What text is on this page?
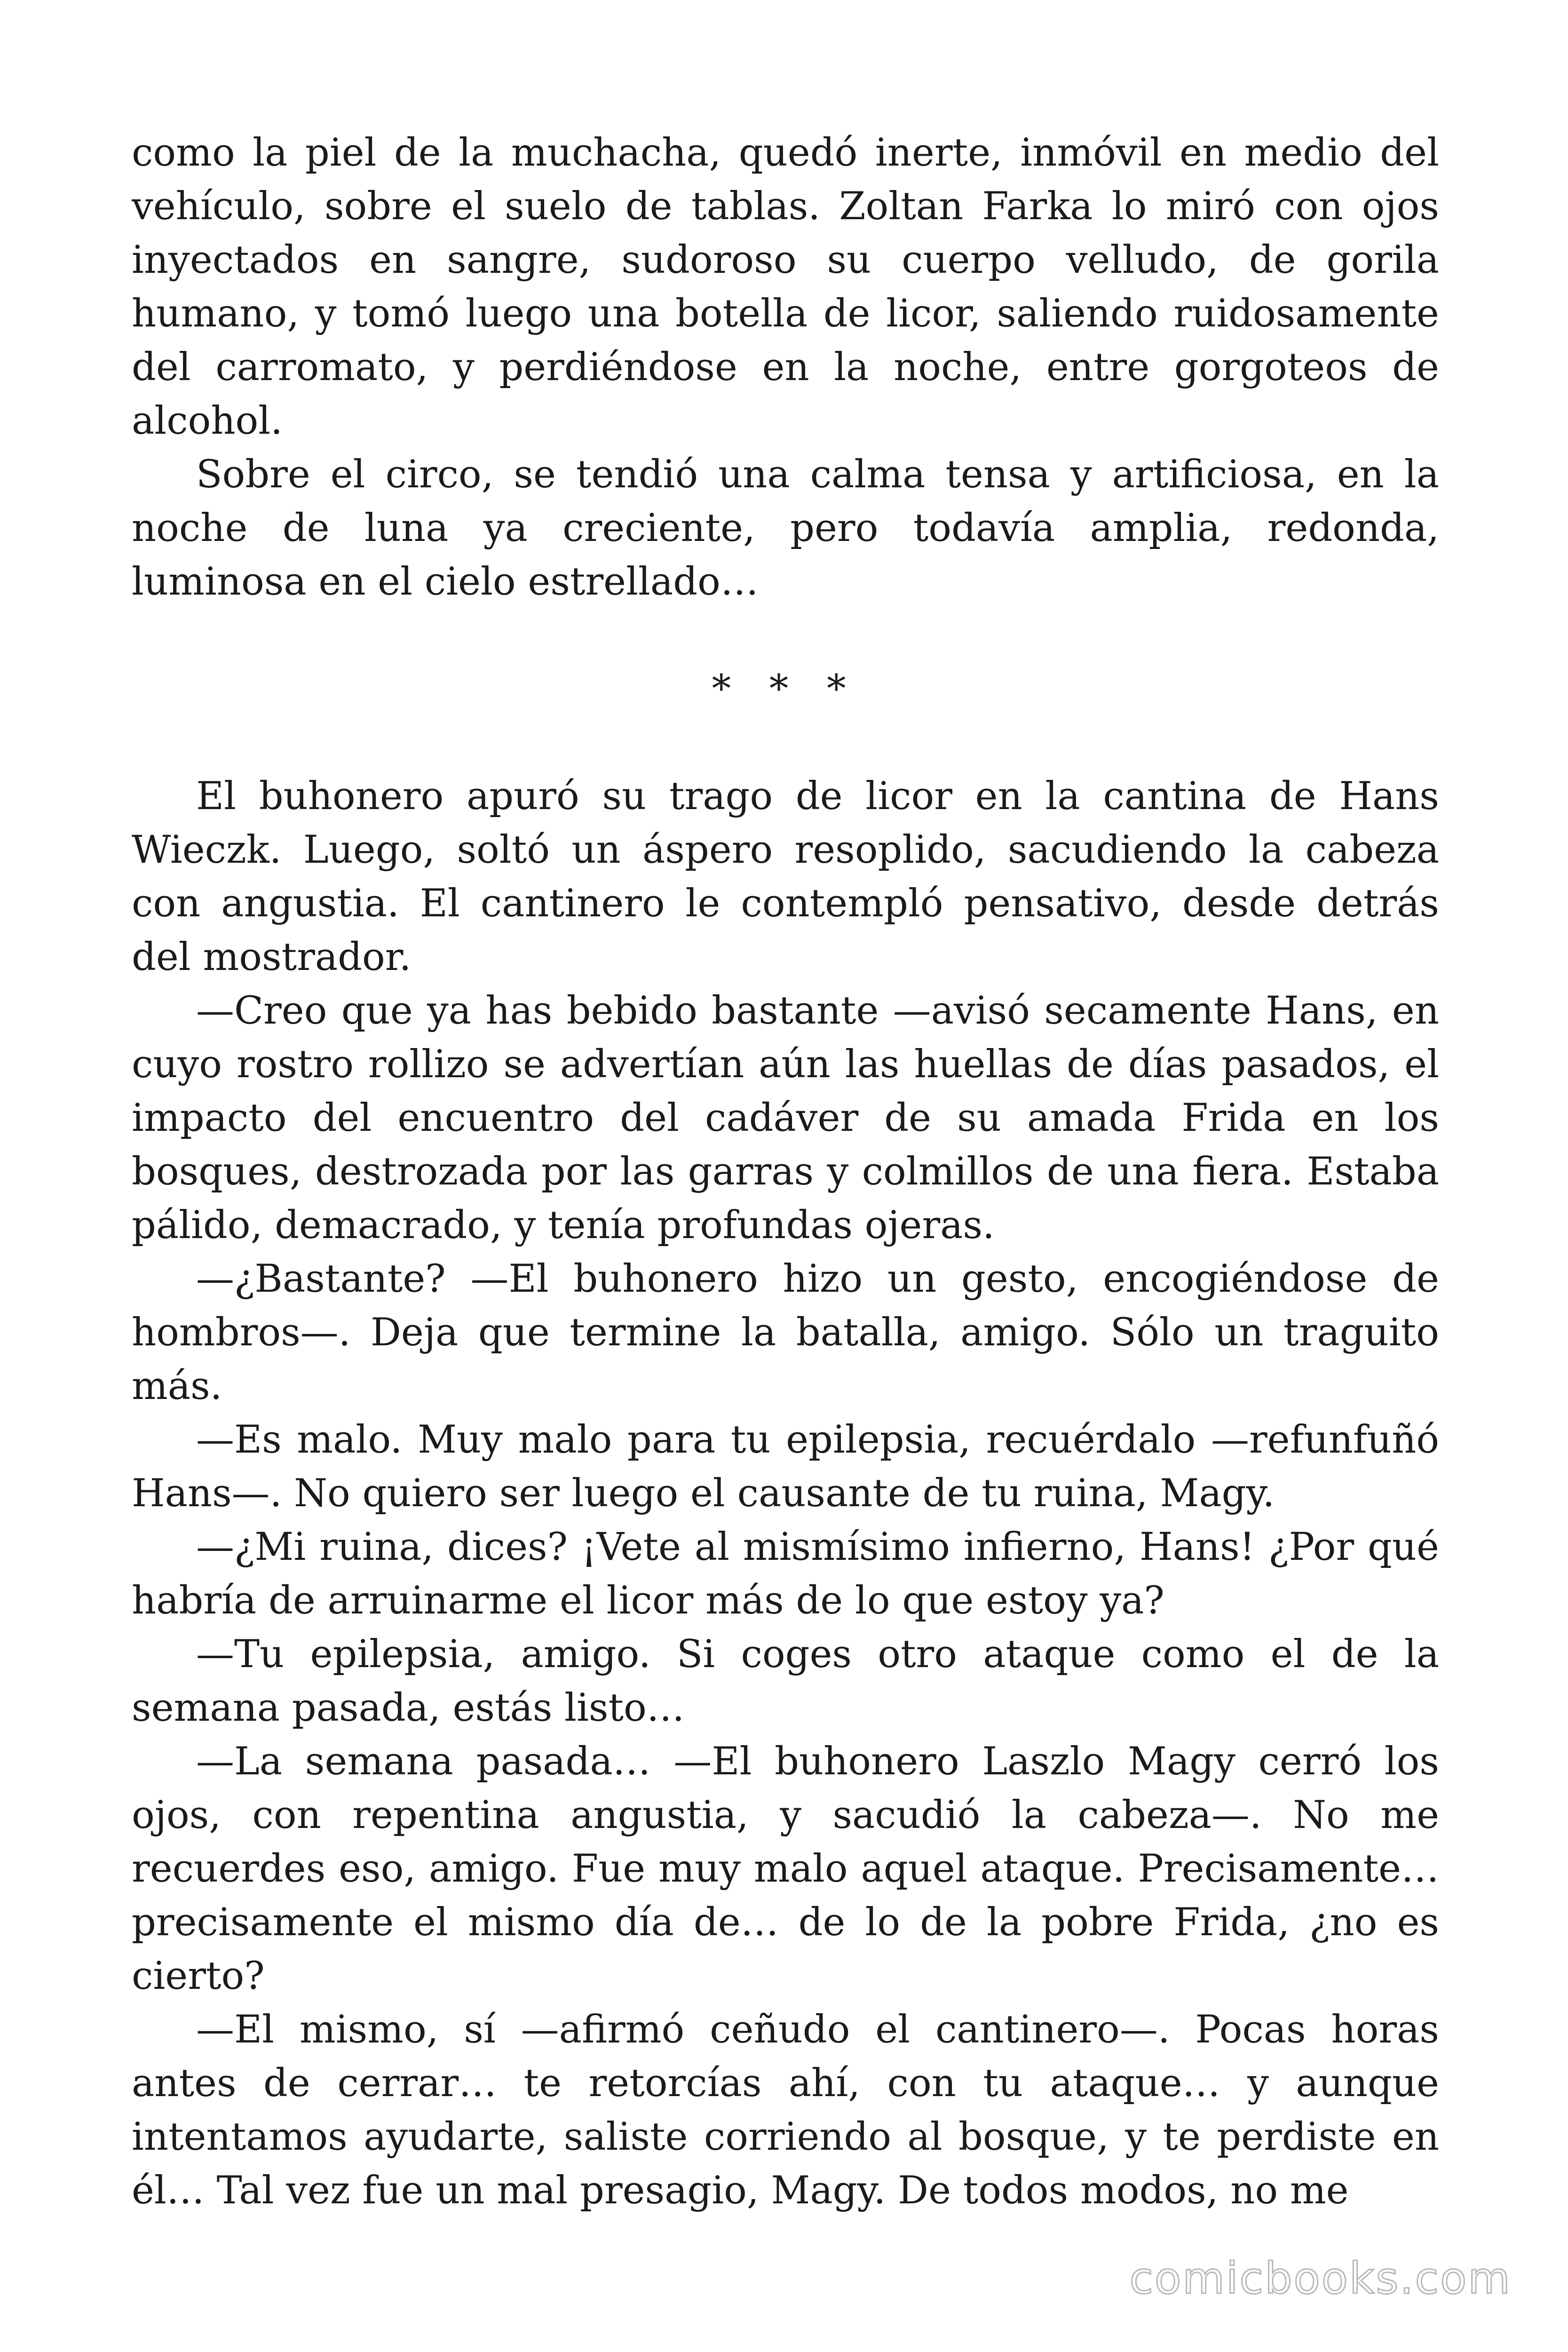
como la piel de la muchacha, quedó inerte, inmóvil en medio del vehículo, sobre el suelo de tablas. Zoltan Farka lo miró con ojos inyectados en sangre, sudoroso su cuerpo velludo, de gorila humano, y tomó luego una botella de licor, saliendo ruidosamente del carromato, y perdiéndose en la noche, entre gorgoteos de alcohol.

Sobre el circo, se tendió una calma tensa y artificiosa, en la noche de luna ya creciente, pero todavía amplia, redonda, luminosa en el cielo estrellado…

* * *

El buhonero apuró su trago de licor en la cantina de Hans Wieczk. Luego, soltó un áspero resoplido, sacudiendo la cabeza con angustia. El cantinero le contempló pensativo, desde detrás del mostrador.

—Creo que ya has bebido bastante —avisó secamente Hans, en cuyo rostro rollizo se advertían aún las huellas de días pasados, el impacto del encuentro del cadáver de su amada Frida en los bosques, destrozada por las garras y colmillos de una fiera. Estaba pálido, demacrado, y tenía profundas ojeras.

—¿Bastante? —El buhonero hizo un gesto, encogiéndose de hombros—. Deja que termine la batalla, amigo. Sólo un traguito más.

—Es malo. Muy malo para tu epilepsia, recuérdalo —refunfuñó Hans—. No quiero ser luego el causante de tu ruina, Magy.

—¿Mi ruina, dices? ¡Vete al mismísimo infierno, Hans! ¿Por qué habría de arruinarme el licor más de lo que estoy ya?

—Tu epilepsia, amigo. Si coges otro ataque como el de la semana pasada, estás listo…

—La semana pasada… —El buhonero Laszlo Magy cerró los ojos, con repentina angustia, y sacudió la cabeza—. No me recuerdes eso, amigo. Fue muy malo aquel ataque. Precisamente… precisamente el mismo día de… de lo de la pobre Frida, ¿no es cierto?

—El mismo, sí —afirmó ceñudo el cantinero—. Pocas horas antes de cerrar… te retorcías ahí, con tu ataque… y aunque intentamos ayudarte, saliste corriendo al bosque, y te perdiste en él… Tal vez fue un mal presagio, Magy. De todos modos, no me

comicbooks.com
